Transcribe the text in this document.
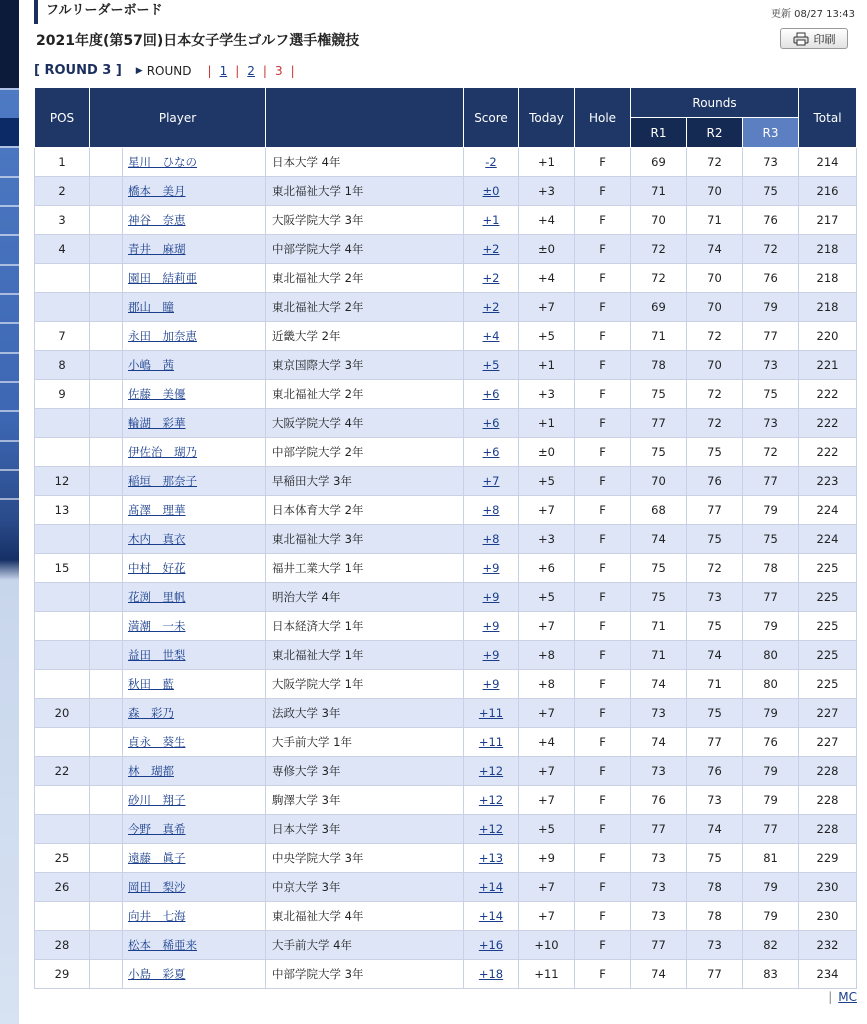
フルリーダーボード	更新 08/27 13:43
2021年度(第57回)日本女子学生ゴルフ選手権競技	印刷
[ ROUND 3 ] ▶ ROUND | 1 | 2 | 3 |
POS	Player			Score	Today	Hole	Rounds			Total
							R1	R2	R3	
1		星川　ひなの	日本大学 4年	-2	+1	F	69	72	73	214
2		橋本　美月	東北福祉大学 1年	±0	+3	F	71	70	75	216
3		神谷　奈恵	大阪学院大学 3年	+1	+4	F	70	71	76	217
4		青井　麻瑚	中部学院大学 4年	+2	±0	F	72	74	72	218
		園田　結莉亜	東北福祉大学 2年	+2	+4	F	72	70	76	218
		郡山　瞳	東北福祉大学 2年	+2	+7	F	69	70	79	218
7		永田　加奈恵	近畿大学 2年	+4	+5	F	71	72	77	220
8		小嶋　茜	東京国際大学 3年	+5	+1	F	78	70	73	221
9		佐藤　美優	東北福祉大学 2年	+6	+3	F	75	72	75	222
		輪湖　彩華	大阪学院大学 4年	+6	+1	F	77	72	73	222
		伊佐治　瑚乃	中部学院大学 2年	+6	±0	F	75	75	72	222
12		稲垣　那奈子	早稲田大学 3年	+7	+5	F	70	76	77	223
13		髙澤　理華	日本体育大学 2年	+8	+7	F	68	77	79	224
		木内　真衣	東北福祉大学 3年	+8	+3	F	74	75	75	224
15		中村　好花	福井工業大学 1年	+9	+6	F	75	72	78	225
		花渕　里帆	明治大学 4年	+9	+5	F	75	73	77	225
		満潮　一未	日本経済大学 1年	+9	+7	F	71	75	79	225
		益田　世梨	東北福祉大学 1年	+9	+8	F	71	74	80	225
		秋田　藍	大阪学院大学 1年	+9	+8	F	74	71	80	225
20		森　彩乃	法政大学 3年	+11	+7	F	73	75	79	227
		貞永　葵生	大手前大学 1年	+11	+4	F	74	77	76	227
22		林　瑚都	専修大学 3年	+12	+7	F	73	76	79	228
		砂川　翔子	駒澤大学 3年	+12	+7	F	76	73	79	228
		今野　真希	日本大学 3年	+12	+5	F	77	74	77	228
25		遠藤　眞子	中央学院大学 3年	+13	+9	F	73	75	81	229
26		岡田　梨沙	中京大学 3年	+14	+7	F	73	78	79	230
		向井　七海	東北福祉大学 4年	+14	+7	F	73	78	79	230
28		松本　稀亜来	大手前大学 4年	+16	+10	F	77	73	82	232
29		小島　彩夏	中部学院大学 3年	+18	+11	F	74	77	83	234
| MC
